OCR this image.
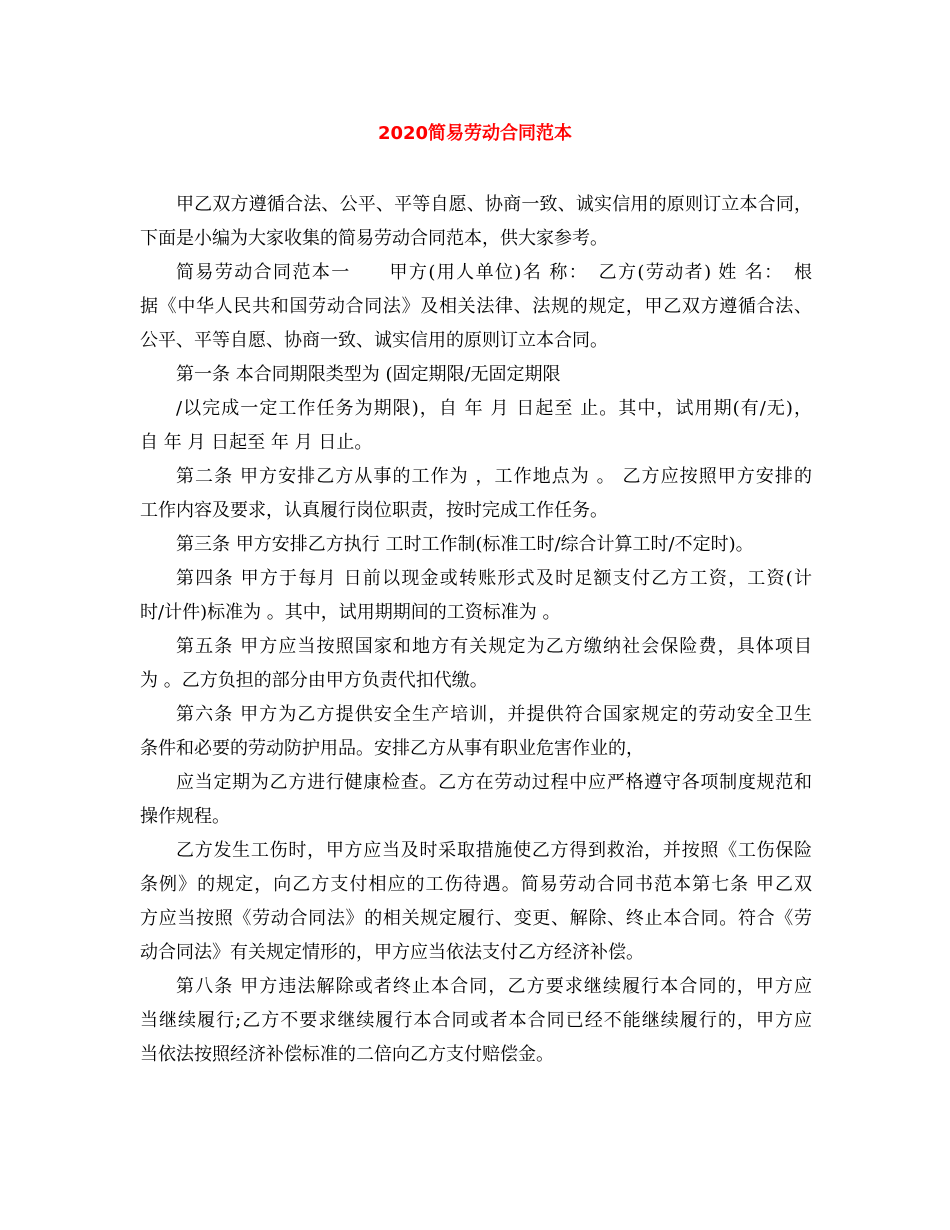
2020简易劳动合同范本
甲乙双方遵循合法、公平、平等自愿、协商一致、诚实信用的原则订立本合同，
下面是小编为大家收集的简易劳动合同范本，供大家参考。
简易劳动合同范本一　　甲方(用人单位)名 称：　乙方(劳动者) 姓 名：　根
据《中华人民共和国劳动合同法》及相关法律、法规的规定，甲乙双方遵循合法、
公平、平等自愿、协商一致、诚实信用的原则订立本合同。
第一条 本合同期限类型为 (固定期限/无固定期限
/以完成一定工作任务为期限)，自 年 月 日起至 止。其中，试用期(有/无)，
自 年 月 日起至 年 月 日止。
第二条 甲方安排乙方从事的工作为 ，工作地点为 。 乙方应按照甲方安排的
工作内容及要求，认真履行岗位职责，按时完成工作任务。
第三条 甲方安排乙方执行 工时工作制(标准工时/综合计算工时/不定时)。
第四条 甲方于每月 日前以现金或转账形式及时足额支付乙方工资，工资(计
时/计件)标准为 。其中，试用期期间的工资标准为 。
第五条 甲方应当按照国家和地方有关规定为乙方缴纳社会保险费，具体项目
为 。乙方负担的部分由甲方负责代扣代缴。
第六条 甲方为乙方提供安全生产培训，并提供符合国家规定的劳动安全卫生
条件和必要的劳动防护用品。安排乙方从事有职业危害作业的，
应当定期为乙方进行健康检查。乙方在劳动过程中应严格遵守各项制度规范和
操作规程。
乙方发生工伤时，甲方应当及时采取措施使乙方得到救治，并按照《工伤保险
条例》的规定，向乙方支付相应的工伤待遇。简易劳动合同书范本第七条 甲乙双
方应当按照《劳动合同法》的相关规定履行、变更、解除、终止本合同。符合《劳
动合同法》有关规定情形的，甲方应当依法支付乙方经济补偿。
第八条 甲方违法解除或者终止本合同，乙方要求继续履行本合同的，甲方应
当继续履行;乙方不要求继续履行本合同或者本合同已经不能继续履行的，甲方应
当依法按照经济补偿标准的二倍向乙方支付赔偿金。
